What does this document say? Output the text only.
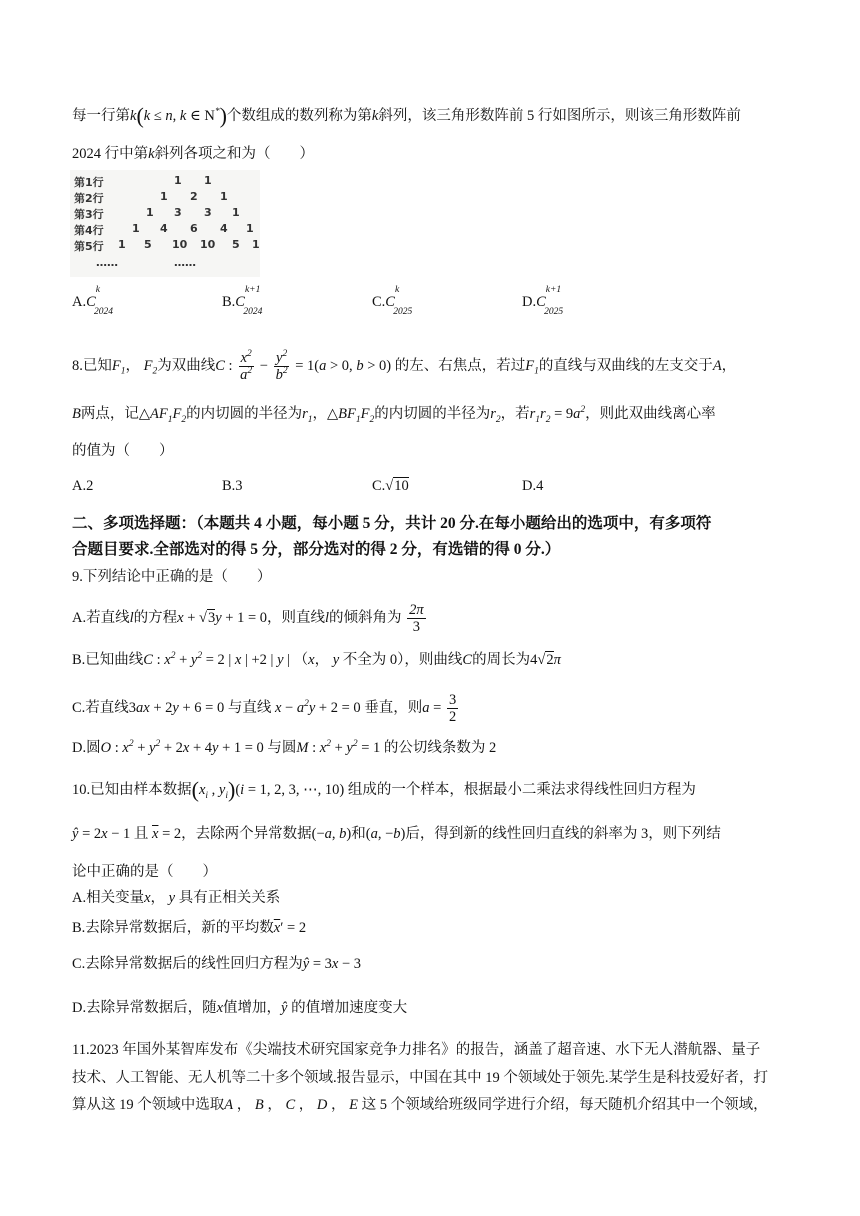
每一行第k(k ≤ n, k ∈ N*)个数组成的数列称为第k斜列，该三角形数阵前 5 行如图所示，则该三角形数阵前
2024 行中第k斜列各项之和为（　　）
第1行	1 1
第2行	1 2 1
第3行	1 3 3 1
第4行	1 4 6 4 1
第5行 1 5 10 10 5 1
……	……
$A.C^k_{2024}$
$B.C^{k+1}_{2024}$
$C.C^k_{2025}$
$D.C^{k+1}_{2025}$
8.已知$F_1$， $F_2$为双曲线C : $\frac{x^2}{a^2} - \frac{y^2}{b^2} = 1(a > 0$, b > 0) 的左、右焦点，若过$F_1$的直线与双曲线的左支交于A，
B两点，记$\triangle AF_1F_2$的内切圆的半径为$r_1$，$\triangle BF_1F_2$的内切圆的半径为$r_2$，若$r_1r_2 = 9a^2$，则此双曲线离心率
的值为（　　）
A.2	B.3	C.√10	D.4
二、多项选择题：（本题共 4 小题，每小题 5 分，共计 20 分.在每小题给出的选项中，有多项符
合题目要求.全部选对的得 5 分，部分选对的得 2 分，有选错的得 0 分.）
9.下列结论中正确的是（　　）
A.若直线l的方程x + √3y + 1 = 0，则直线l的倾斜角为 $\frac{2\pi}{3}$
B.已知曲线C : $x^2 + y^2 = 2$ | x | +2 | y | （x， y 不全为 0），则曲线C的周长为4√2π
C.若直线3ax + 2y + 6 = 0 与直线 $x - a^2y + 2 = 0$ 垂直，则$a = \frac{3}{2}$
D.圆O : $x^2 + y^2 + 2x + 4y + 1 = 0$ 与圆M : $x^2 + y^2 = 1$ 的公切线条数为 2
10.已知由样本数据($x_i$ , $y_i)(i = 1$, 2, 3, ⋯, 10) 组成的一个样本，根据最小二乘法求得线性回归方程为
ŷ = 2x − 1 且 $\overline{x} = 2$，去除两个异常数据(−a, b)和(a, −b)后，得到新的线性回归直线的斜率为 3，则下列结
论中正确的是（　　）
A.相关变量x， y 具有正相关关系
B.去除异常数据后，新的平均数$\overline{x}' = 2$
C.去除异常数据后的线性回归方程为ŷ = 3x − 3
D.去除异常数据后，随x值增加，ŷ 的值增加速度变大
11.2023 年国外某智库发布《尖端技术研究国家竞争力排名》的报告，涵盖了超音速、水下无人潜航器、量子
技术、人工智能、无人机等二十多个领域.报告显示，中国在其中 19 个领域处于领先.某学生是科技爱好者，打
算从这 19 个领域中选取A ， B ， C ， D ， E 这 5 个领域给班级同学进行介绍，每天随机介绍其中一个领域，
